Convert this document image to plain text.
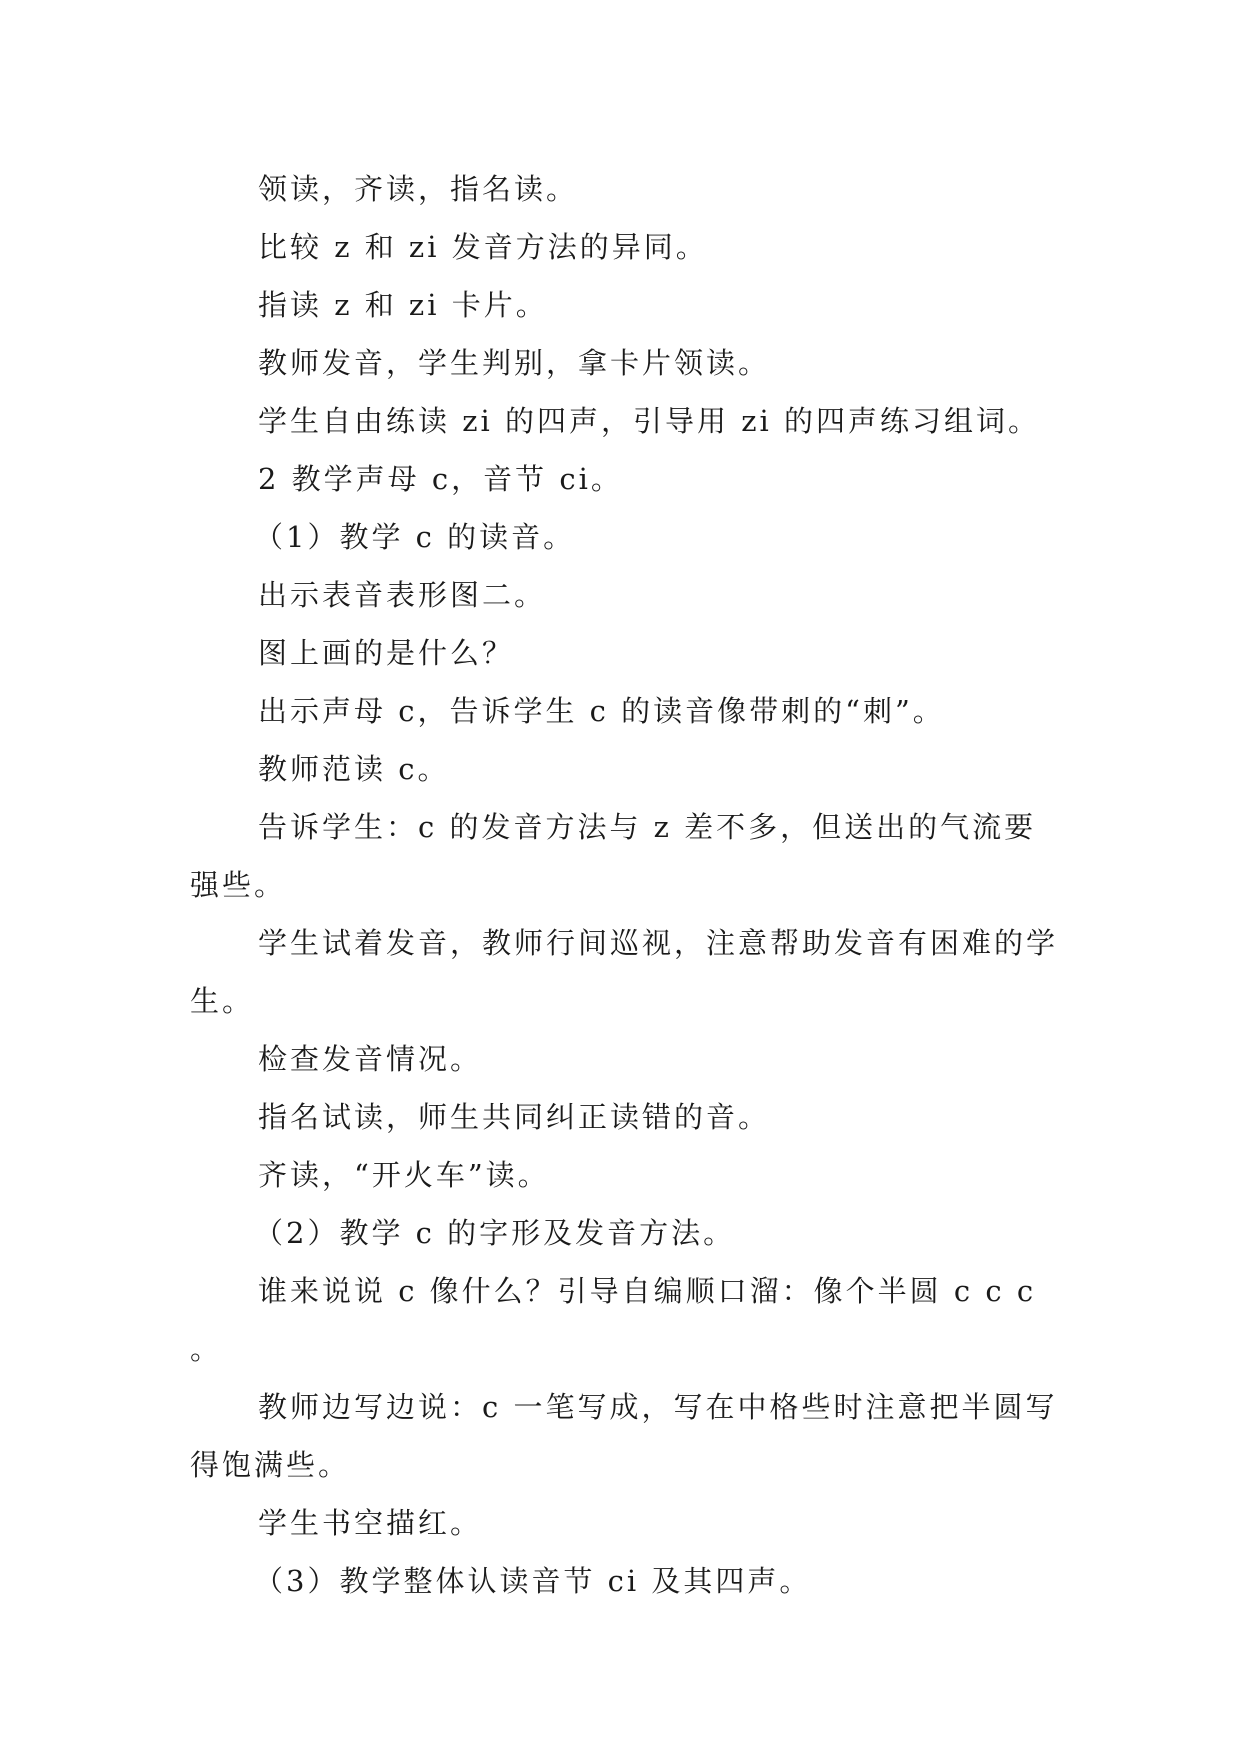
领读，齐读，指名读。

比较 z 和 zi 发音方法的异同。

指读 z 和 zi 卡片。

教师发音，学生判别，拿卡片领读。

学生自由练读 zi 的四声，引导用 zi 的四声练习组词。

2 教学声母 c，音节 ci。

（1）教学 c 的读音。

出示表音表形图二。

图上画的是什么？

出示声母 c，告诉学生 c 的读音像带刺的“刺”。

教师范读 c。

告诉学生：c 的发音方法与 z 差不多，但送出的气流要强些。

学生试着发音，教师行间巡视，注意帮助发音有困难的学生。

检查发音情况。

指名试读，师生共同纠正读错的音。

齐读，“开火车”读。

（2）教学 c 的字形及发音方法。

谁来说说 c 像什么？引导自编顺口溜：像个半圆 c c c 。

教师边写边说：c 一笔写成，写在中格些时注意把半圆写得饱满些。

学生书空描红。

（3）教学整体认读音节 ci 及其四声。
